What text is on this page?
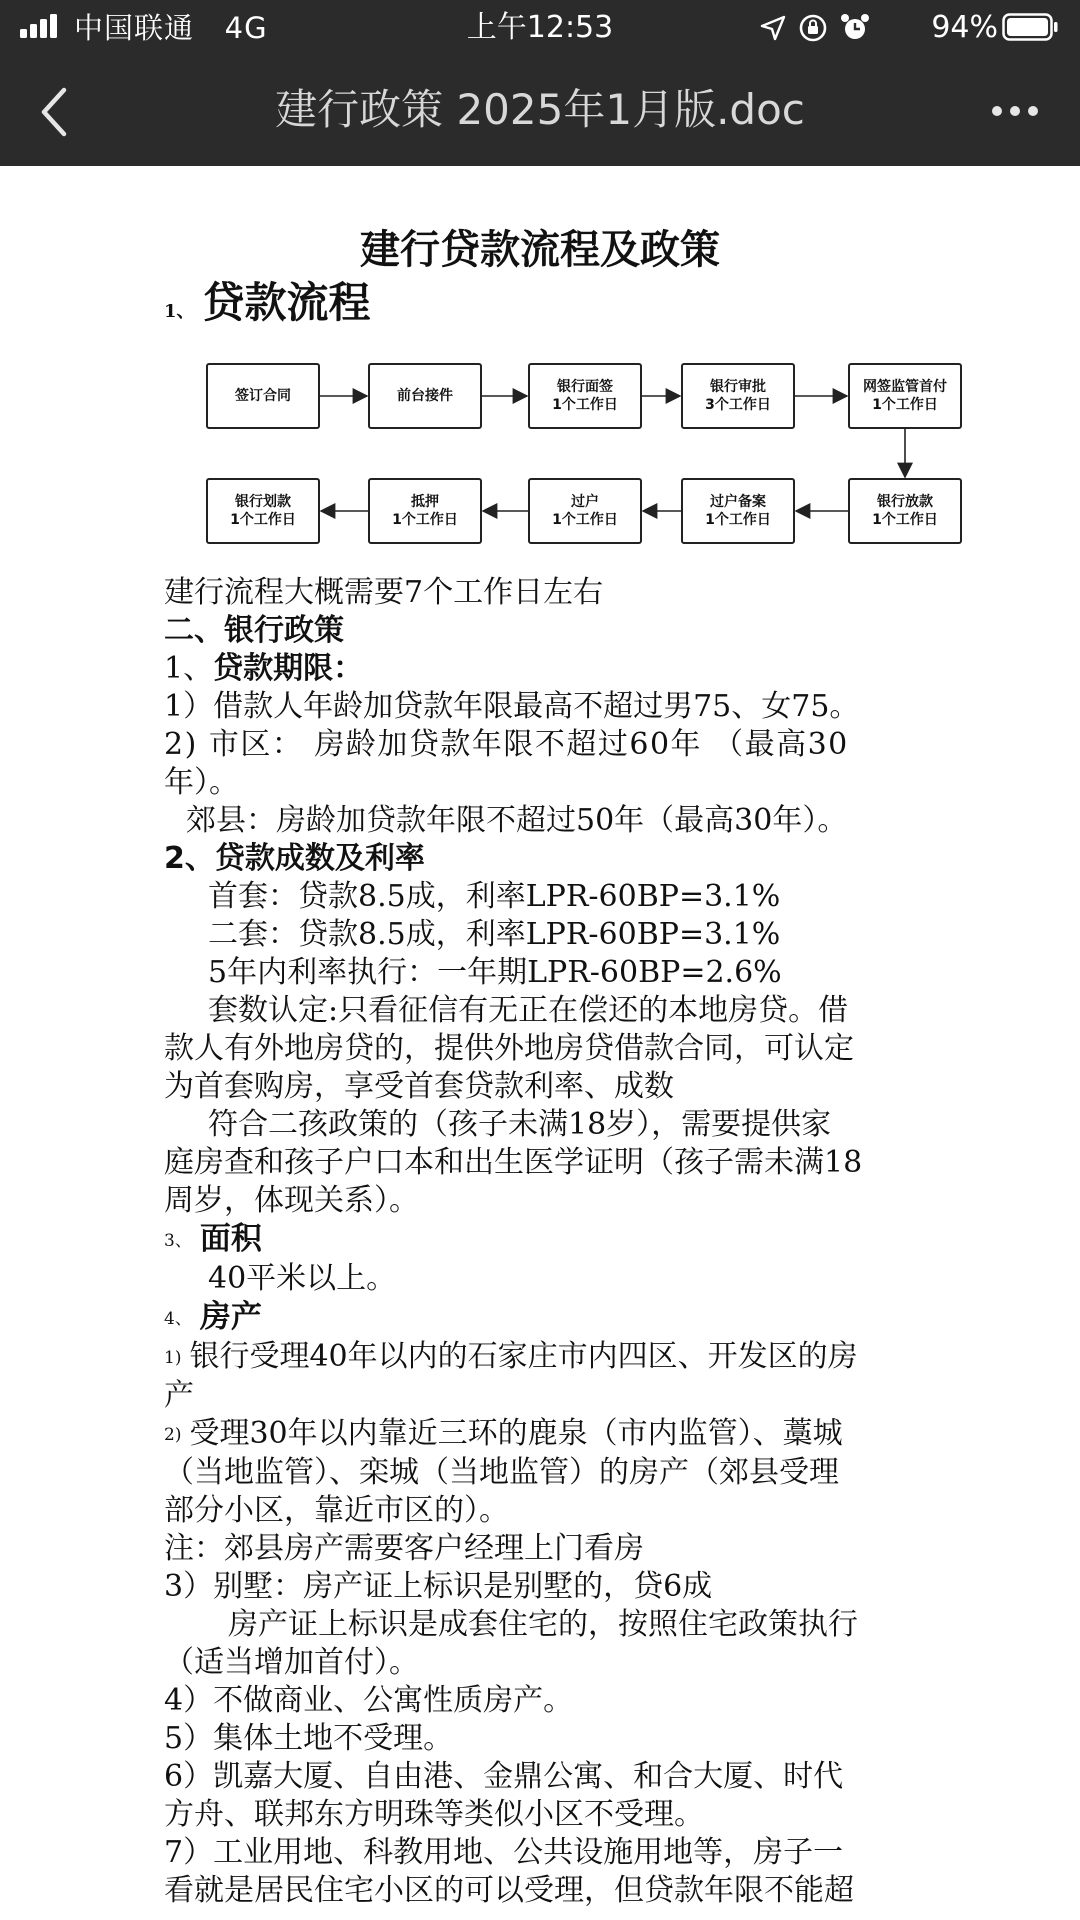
中国联通 4G	上午12:53	94%
建行政策 2025年1月版.doc
建行贷款流程及政策
1、 贷款流程
签订合同	前台接件
银行面签
1个工作日
银行审批
3个工作日
网签监管首付
1个工作日
银行划款
1个工作日
抵押
1个工作日
过户
1个工作日
过户备案
1个工作日
银行放款
1个工作日
建行流程大概需要7个工作日左右
二、银行政策
1、贷款期限：
1）借款人年龄加贷款年限最高不超过男75、女75。
2) 市区： 房龄加贷款年限不超过60年 （最高30
年）。
郊县：房龄加贷款年限不超过50年（最高30年）。
2、贷款成数及利率
首套：贷款8.5成，利率LPR-60BP=3.1%
二套：贷款8.5成，利率LPR-60BP=3.1%
5年内利率执行：一年期LPR-60BP=2.6%
套数认定:只看征信有无正在偿还的本地房贷。借
款人有外地房贷的，提供外地房贷借款合同，可认定
为首套购房，享受首套贷款利率、成数
符合二孩政策的（孩子未满18岁），需要提供家
庭房查和孩子户口本和出生医学证明（孩子需未满18
周岁，体现关系）。
3、 面积
40平米以上。
4、 房产
1) 银行受理40年以内的石家庄市内四区、开发区的房
产
2) 受理30年以内靠近三环的鹿泉（市内监管）、藁城
（当地监管）、栾城（当地监管）的房产（郊县受理
部分小区，靠近市区的）。
注：郊县房产需要客户经理上门看房
3）别墅：房产证上标识是别墅的，贷6成
房产证上标识是成套住宅的，按照住宅政策执行
（适当增加首付）。
4）不做商业、公寓性质房产。
5）集体土地不受理。
6）凯嘉大厦、自由港、金鼎公寓、和合大厦、时代
方舟、联邦东方明珠等类似小区不受理。
7）工业用地、科教用地、公共设施用地等，房子一
看就是居民住宅小区的可以受理，但贷款年限不能超
